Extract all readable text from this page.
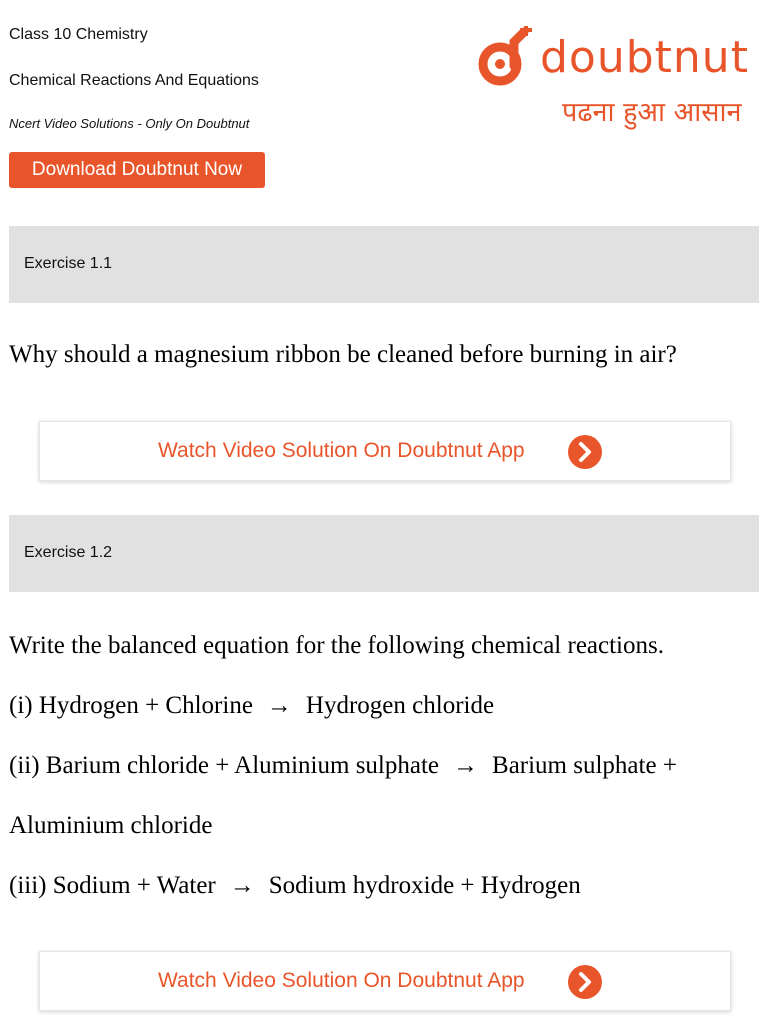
Class 10 Chemistry
Chemical Reactions And Equations
Ncert Video Solutions - Only On Doubtnut
Download Doubtnut Now
doubtnut
पढना हुआ आसान
Exercise 1.1
Why should a magnesium ribbon be cleaned before burning in air?
Watch Video Solution On Doubtnut App
Exercise 1.2
Write the balanced equation for the following chemical reactions.
(i) Hydrogen + Chlorine → Hydrogen chloride
(ii) Barium chloride + Aluminium sulphate → Barium sulphate +
Aluminium chloride
(iii) Sodium + Water → Sodium hydroxide + Hydrogen
Watch Video Solution On Doubtnut App
